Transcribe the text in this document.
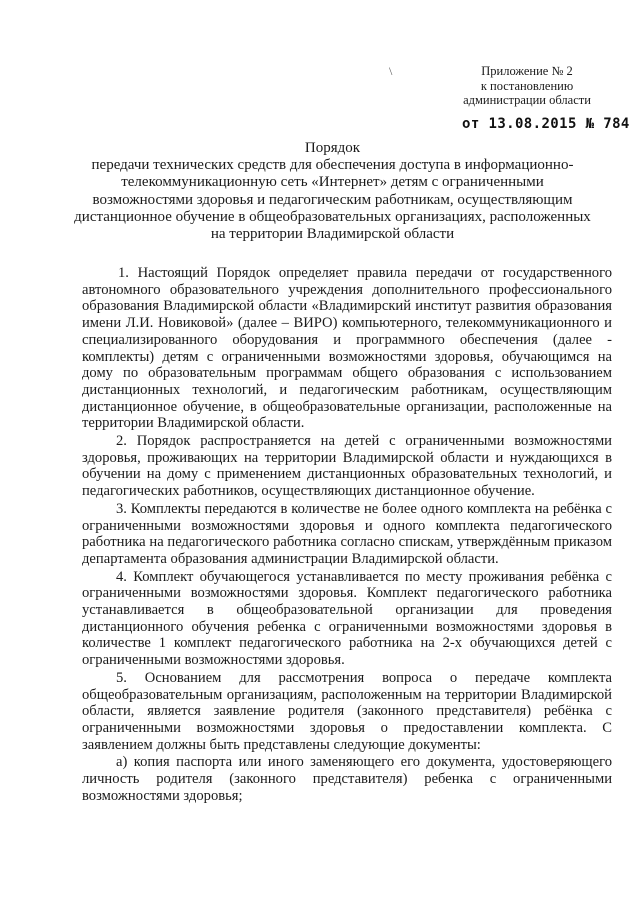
\	Приложение № 2
к постановлению
администрации области
от 13.08.2015 № 784
Порядок
передачи технических средств для обеспечения доступа в информационно-
телекоммуникационную сеть «Интернет» детям с ограниченными
возможностями здоровья и педагогическим работникам, осуществляющим
дистанционное обучение в общеобразовательных организациях, расположенных
на территории Владимирской области

1. Настоящий Порядок определяет правила передачи от государственного автономного образовательного учреждения дополнительного профессионального образования Владимирской области «Владимирский институт развития образования имени Л.И. Новиковой» (далее – ВИРО) компьютерного, телекоммуникационного и специализированного оборудования и программного обеспечения (далее - комплекты) детям с ограниченными возможностями здоровья, обучающимся на дому по образовательным программам общего образования с использованием дистанционных технологий, и педагогическим работникам, осуществляющим дистанционное обучение, в общеобразовательные организации, расположенные на территории Владимирской области.

2. Порядок распространяется на детей с ограниченными возможностями здоровья, проживающих на территории Владимирской области и нуждающихся в обучении на дому с применением дистанционных образовательных технологий, и педагогических работников, осуществляющих дистанционное обучение.

3. Комплекты передаются в количестве не более одного комплекта на ребёнка с ограниченными возможностями здоровья и одного комплекта педагогического работника на педагогического работника согласно спискам, утверждённым приказом департамента образования администрации Владимирской области.

4. Комплект обучающегося устанавливается по месту проживания ребёнка с ограниченными возможностями здоровья. Комплект педагогического работника устанавливается в общеобразовательной организации для проведения дистанционного обучения ребенка с ограниченными возможностями здоровья в количестве 1 комплект педагогического работника на 2-х обучающихся детей с ограниченными возможностями здоровья.

5. Основанием для рассмотрения вопроса о передаче комплекта общеобразовательным организациям, расположенным на территории Владимирской области, является заявление родителя (законного представителя) ребёнка с ограниченными возможностями здоровья о предоставлении комплекта. С заявлением должны быть представлены следующие документы:

а) копия паспорта или иного заменяющего его документа, удостоверяющего личность родителя (законного представителя) ребенка с ограниченными возможностями здоровья;
